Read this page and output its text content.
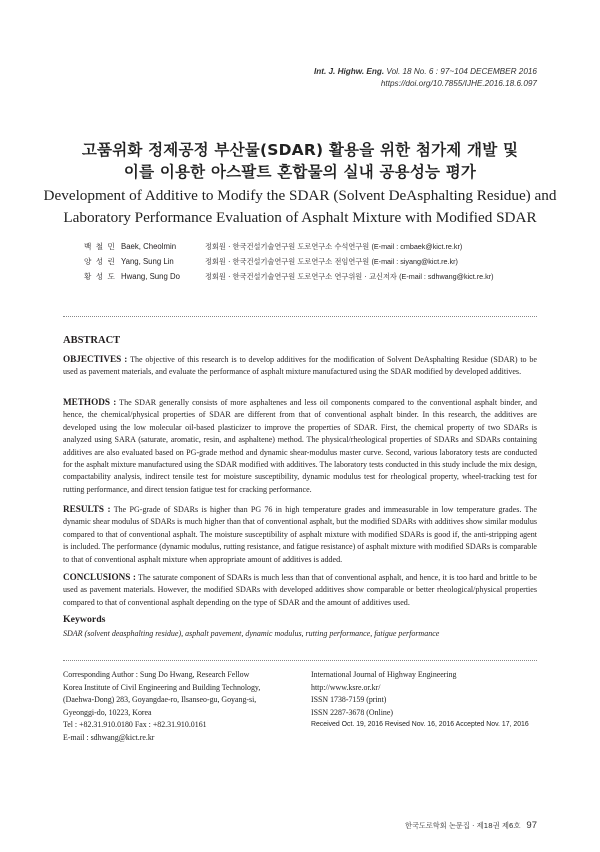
Int. J. Highw. Eng. Vol. 18 No. 6 : 97~104 DECEMBER 2016
https://doi.org/10.7855/IJHE.2016.18.6.097
고품위화 정제공정 부산물(SDAR) 활용을 위한 첨가제 개발 및
이를 이용한 아스팔트 혼합물의 실내 공용성능 평가
Development of Additive to Modify the SDAR (Solvent DeAsphalting Residue) and
Laboratory Performance Evaluation of Asphalt Mixture with Modified SDAR
백 철 민 Baek, Cheolmin	정회원 · 한국건설기술연구원 도로연구소 수석연구원 (E-mail : cmbaek@kict.re.kr)
양 성 린 Yang, Sung Lin	정회원 · 한국건설기술연구원 도로연구소 전임연구원 (E-mail : siyang@kict.re.kr)
황 성 도 Hwang, Sung Do	정회원 · 한국건설기술연구원 도로연구소 연구위원 · 교신저자 (E-mail : sdhwang@kict.re.kr)
ABSTRACT
OBJECTIVES : The objective of this research is to develop additives for the modification of Solvent DeAsphalting Residue (SDAR) to be used as pavement materials, and evaluate the performance of asphalt mixture manufactured using the SDAR modified by developed additives.
METHODS : The SDAR generally consists of more asphaltenes and less oil components compared to the conventional asphalt binder, and hence, the chemical/physical properties of SDAR are different from that of conventional asphalt binder. In this research, the additives are developed using the low molecular oil-based plasticizer to improve the properties of SDAR. First, the chemical property of two SDARs is analyzed using SARA (saturate, aromatic, resin, and asphaltene) method. The physical/rheological properties of SDARs and SDARs containing additives are also evaluated based on PG-grade method and dynamic shear-modulus master curve. Second, various laboratory tests are conducted for the asphalt mixture manufactured using the SDAR modified with additives. The laboratory tests conducted in this study include the mix design, compactability analysis, indirect tensile test for moisture susceptibility, dynamic modulus test for rheological property, wheel-tracking test for rutting performance, and direct tension fatigue test for cracking performance.
RESULTS : The PG-grade of SDARs is higher than PG 76 in high temperature grades and immeasurable in low temperature grades. The dynamic shear modulus of SDARs is much higher than that of conventional asphalt, but the modified SDARs with additives show similar modulus compared to that of conventional asphalt. The moisture susceptibility of asphalt mixture with modified SDARs is good if, the anti-stripping agent is included. The performance (dynamic modulus, rutting resistance, and fatigue resistance) of asphalt mixture with modified SDARs is comparable to that of conventional asphalt mixture when appropriate amount of additives is added.
CONCLUSIONS : The saturate component of SDARs is much less than that of conventional asphalt, and hence, it is too hard and brittle to be used as pavement materials. However, the modified SDARs with developed additives show comparable or better rheological/physical properties compared to that of conventional asphalt depending on the type of SDAR and the amount of additives used.
Keywords
SDAR (solvent deasphalting residue), asphalt pavement, dynamic modulus, rutting performance, fatigue performance
Corresponding Author : Sung Do Hwang, Research Fellow
Korea Institute of Civil Engineering and Building Technology,
(Daehwa-Dong) 283, Goyangdae-ro, Ilsanseo-gu, Goyang-si,
Gyeonggi-do, 10223, Korea
Tel : +82.31.910.0180 Fax : +82.31.910.0161
E-mail : sdhwang@kict.re.kr
International Journal of Highway Engineering
http://www.ksre.or.kr/
ISSN 1738-7159 (print)
ISSN 2287-3678 (Online)
Received Oct. 19, 2016 Revised Nov. 16, 2016 Accepted Nov. 17, 2016
한국도로학회 논문집 · 제18권 제6호 97
